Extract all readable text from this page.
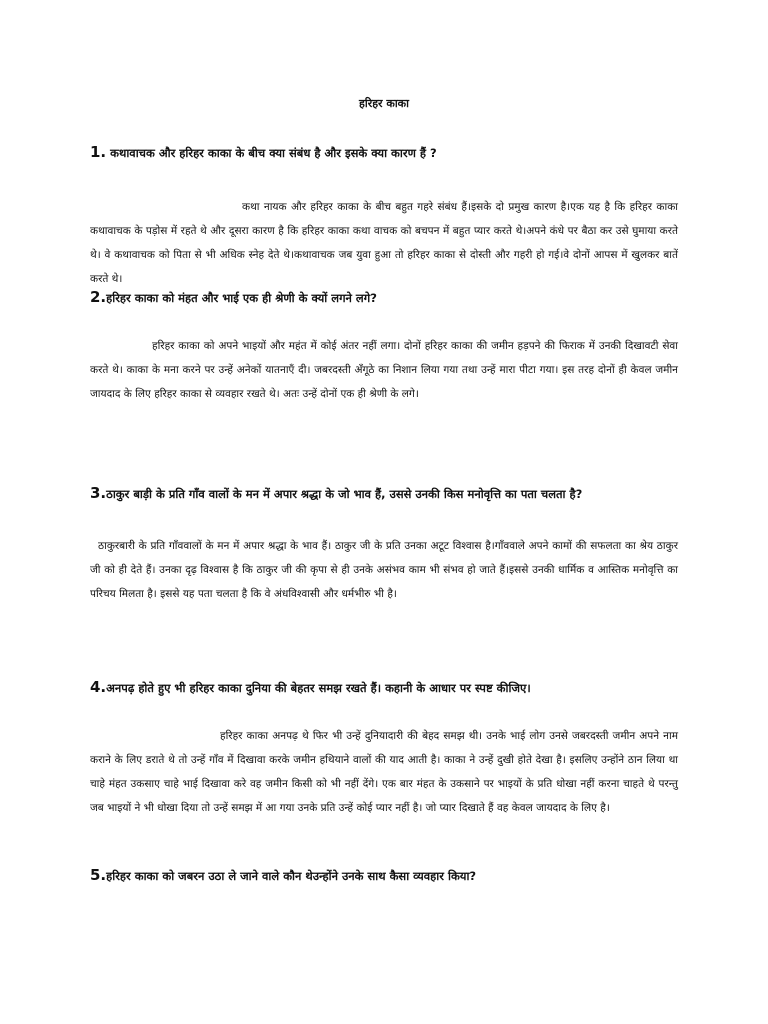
हरिहर काका
1. कथावाचक और हरिहर काका के बीच क्या संबंध है और इसके क्या कारण हैं ?
कथा नायक और हरिहर काका के बीच बहुत गहरे संबंध हैं।इसके दो प्रमुख कारण है।एक यह है कि हरिहर काका कथावाचक के पड़ोस में रहते थे और दूसरा कारण है कि हरिहर काका कथा वाचक को बचपन में बहुत प्यार करते थे।अपने कंधे पर बैठा कर उसे घुमाया करते थे। वे कथावाचक को पिता से भी अधिक स्नेह देते थे।कथावाचक जब युवा हुआ तो हरिहर काका से दोस्ती और गहरी हो गई।वे दोनों आपस में खुलकर बातें करते थे।
2.हरिहर काका को मंहत और भाई एक ही श्रेणी के क्यों लगने लगे?
हरिहर काका को अपने भाइयों और महंत में कोई अंतर नहीं लगा। दोनों हरिहर काका की जमीन हड़पने की फिराक में उनकी दिखावटी सेवा करते थे। काका के मना करने पर उन्हें अनेकों यातनाएँ दी। जबरदस्ती अँगूठे का निशान लिया गया तथा उन्हें मारा पीटा गया। इस तरह दोनों ही केवल जमीन जायदाद के लिए हरिहर काका से व्यवहार रखते थे। अतः उन्हें दोनों एक ही श्रेणी के लगे।
3.ठाकुर बाड़ी के प्रति गाँव वालों के मन में अपार श्रद्धा के जो भाव हैं, उससे उनकी किस मनोवृत्ति का पता चलता है?
ठाकुरबारी के प्रति गाँववालों के मन में अपार श्रद्धा के भाव हैं। ठाकुर जी के प्रति उनका अटूट विश्वास है।गाँववाले अपने कामों की सफलता का श्रेय ठाकुर जी को ही देते हैं। उनका दृढ़ विश्वास है कि ठाकुर जी की कृपा से ही उनके असंभव काम भी संभव हो जाते हैं।इससे उनकी धार्मिक व आस्तिक मनोवृत्ति का परिचय मिलता है। इससे यह पता चलता है कि वे अंधविश्वासी और धर्मभीरु भी है।
4.अनपढ़ होते हुए भी हरिहर काका दुनिया की बेहतर समझ रखते हैं। कहानी के आधार पर स्पष्ट कीजिए।
हरिहर काका अनपढ़ थे फिर भी उन्हें दुनियादारी की बेहद समझ थी। उनके भाई लोग उनसे जबरदस्ती जमीन अपने नाम कराने के लिए डराते थे तो उन्हें गाँव में दिखावा करके जमीन हथियाने वालों की याद आती है। काका ने उन्हें दुखी होते देखा है। इसलिए उन्होंने ठान लिया था चाहे मंहत उकसाए चाहे भाई दिखावा करे वह जमीन किसी को भी नहीं देंगे। एक बार मंहत के उकसाने पर भाइयों के प्रति धोखा नहीं करना चाहते थे परन्तु जब भाइयों ने भी धोखा दिया तो उन्हें समझ में आ गया उनके प्रति उन्हें कोई प्यार नहीं है। जो प्यार दिखाते हैं वह केवल जायदाद के लिए है।
5.हरिहर काका को जबरन उठा ले जाने वाले कौन थेउन्होंने उनके साथ कैसा व्यवहार किया?
